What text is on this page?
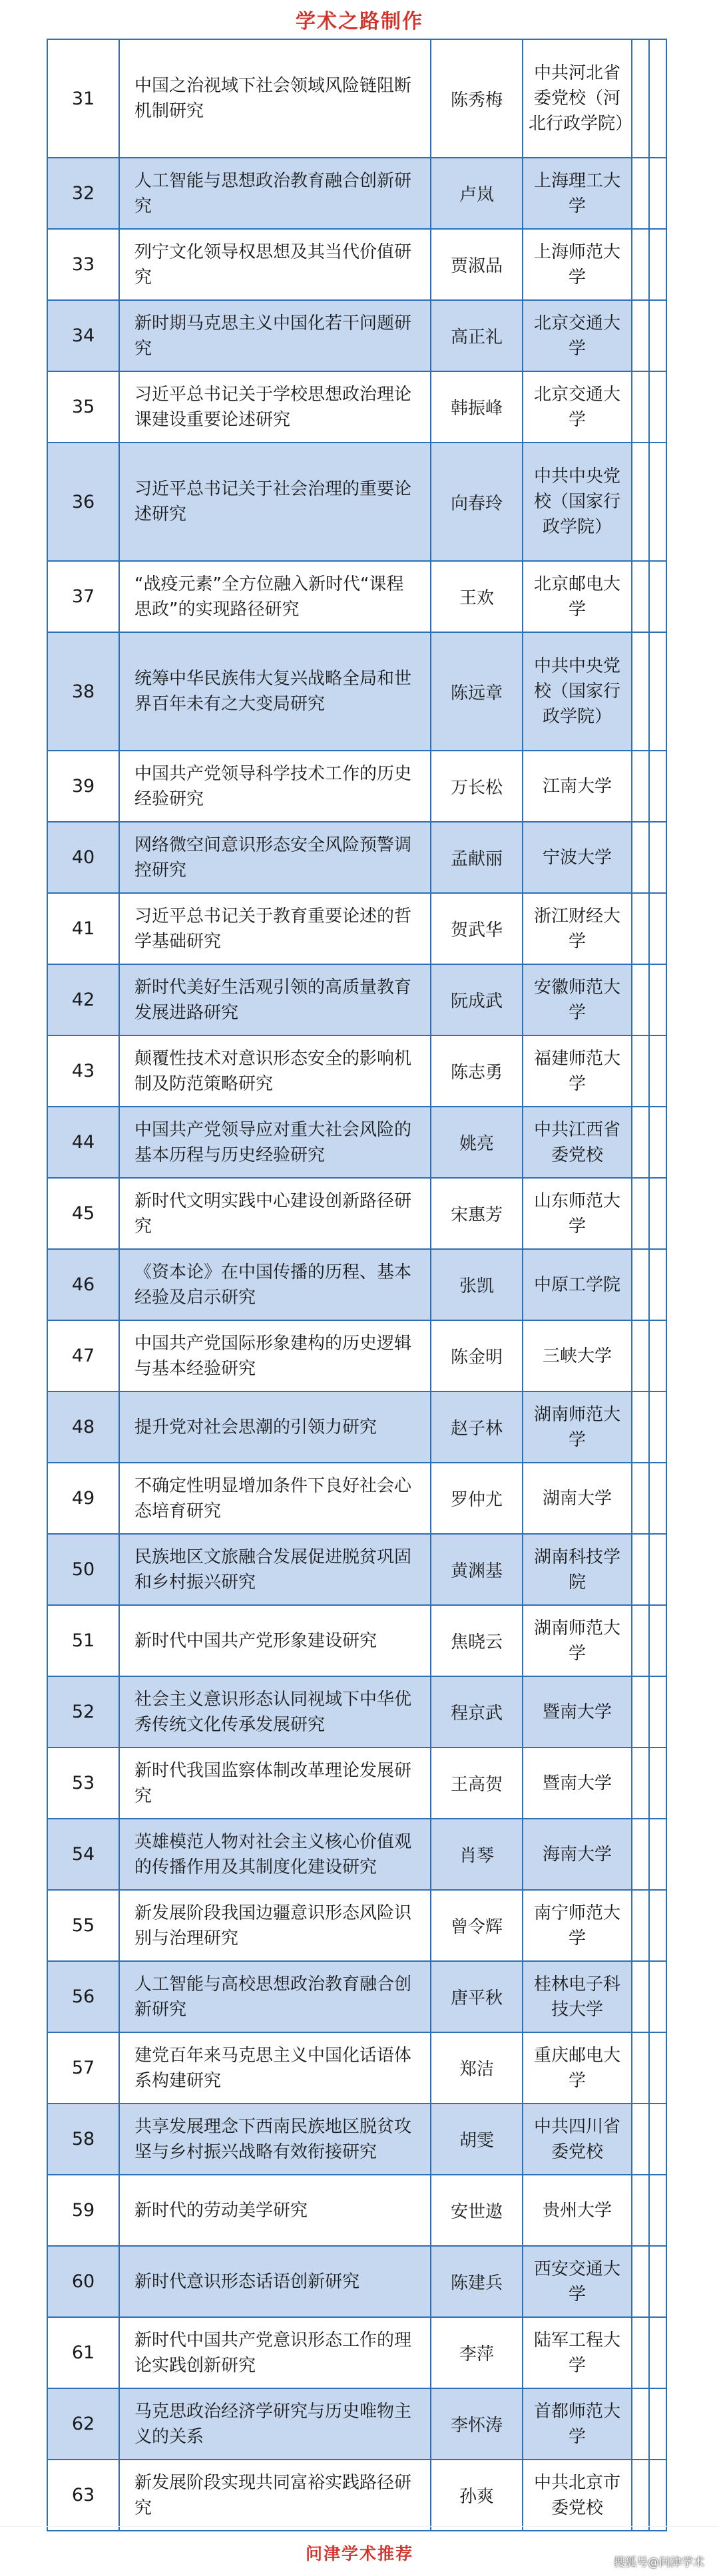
学术之路制作
31	中国之治视域下社会领域风险链阻断机制研究	陈秀梅	中共河北省委党校（河北行政学院）		
32	人工智能与思想政治教育融合创新研究	卢岚	上海理工大学		
33	列宁文化领导权思想及其当代价值研究	贾淑品	上海师范大学		
34	新时期马克思主义中国化若干问题研究	高正礼	北京交通大学		
35	习近平总书记关于学校思想政治理论课建设重要论述研究	韩振峰	北京交通大学		
36	习近平总书记关于社会治理的重要论述研究	向春玲	中共中央党校（国家行政学院）		
37	“战疫元素”全方位融入新时代“课程思政”的实现路径研究	王欢	北京邮电大学		
38	统筹中华民族伟大复兴战略全局和世界百年未有之大变局研究	陈远章	中共中央党校（国家行政学院）		
39	中国共产党领导科学技术工作的历史经验研究	万长松	江南大学		
40	网络微空间意识形态安全风险预警调控研究	孟献丽	宁波大学		
41	习近平总书记关于教育重要论述的哲学基础研究	贺武华	浙江财经大学		
42	新时代美好生活观引领的高质量教育发展进路研究	阮成武	安徽师范大学		
43	颠覆性技术对意识形态安全的影响机制及防范策略研究	陈志勇	福建师范大学		
44	中国共产党领导应对重大社会风险的基本历程与历史经验研究	姚亮	中共江西省委党校		
45	新时代文明实践中心建设创新路径研究	宋惠芳	山东师范大学		
46	《资本论》在中国传播的历程、基本经验及启示研究	张凯	中原工学院		
47	中国共产党国际形象建构的历史逻辑与基本经验研究	陈金明	三峡大学		
48	提升党对社会思潮的引领力研究	赵子林	湖南师范大学		
49	不确定性明显增加条件下良好社会心态培育研究	罗仲尤	湖南大学		
50	民族地区文旅融合发展促进脱贫巩固和乡村振兴研究	黄渊基	湖南科技学院		
51	新时代中国共产党形象建设研究	焦晓云	湖南师范大学		
52	社会主义意识形态认同视域下中华优秀传统文化传承发展研究	程京武	暨南大学		
53	新时代我国监察体制改革理论发展研究	王高贺	暨南大学		
54	英雄模范人物对社会主义核心价值观的传播作用及其制度化建设研究	肖琴	海南大学		
55	新发展阶段我国边疆意识形态风险识别与治理研究	曾令辉	南宁师范大学		
56	人工智能与高校思想政治教育融合创新研究	唐平秋	桂林电子科技大学		
57	建党百年来马克思主义中国化话语体系构建研究	郑洁	重庆邮电大学		
58	共享发展理念下西南民族地区脱贫攻坚与乡村振兴战略有效衔接研究	胡雯	中共四川省委党校		
59	新时代的劳动美学研究	安世遨	贵州大学		
60	新时代意识形态话语创新研究	陈建兵	西安交通大学		
61	新时代中国共产党意识形态工作的理论实践创新研究	李萍	陆军工程大学		
62	马克思政治经济学研究与历史唯物主义的关系	李怀涛	首都师范大学		
63	新发展阶段实现共同富裕实践路径研究	孙爽	中共北京市委党校		
问津学术推荐	搜狐号@问津学术
